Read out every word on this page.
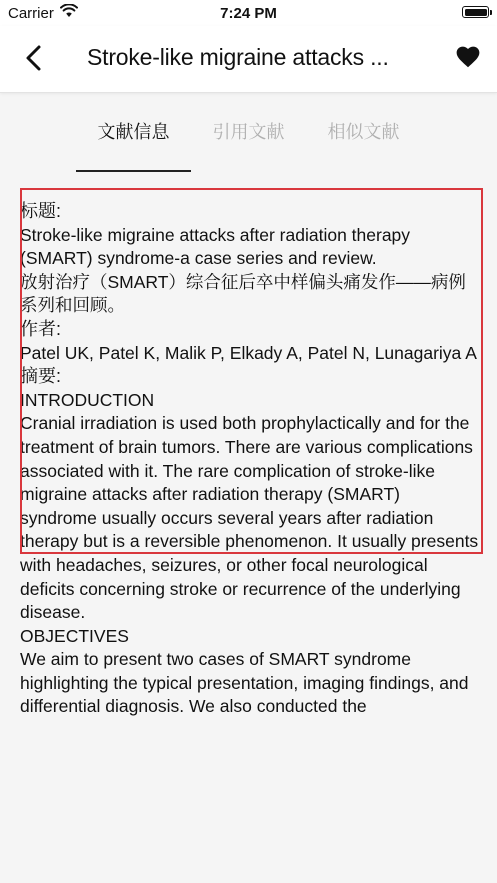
Carrier	7:24 PM
Stroke-like migraine attacks ...
文献信息	引用文献	相似文献

标题:

Stroke-like migraine attacks after radiation therapy (SMART) syndrome-a case series and review.

放射治疗（SMART）综合征后卒中样偏头痛发作——病例系列和回顾。

作者:

Patel UK, Patel K, Malik P, Elkady A, Patel N, Lunagariya A

摘要:

INTRODUCTION

Cranial irradiation is used both prophylactically and for the treatment of brain tumors. There are various complications associated with it. The rare complication of stroke-like migraine attacks after radiation therapy (SMART) syndrome usually occurs several years after radiation therapy but is a reversible phenomenon. It usually presents with headaches, seizures, or other focal neurological deficits concerning stroke or recurrence of the underlying disease.

OBJECTIVES

We aim to present two cases of SMART syndrome highlighting the typical presentation, imaging findings, and differential diagnosis. We also conducted the
